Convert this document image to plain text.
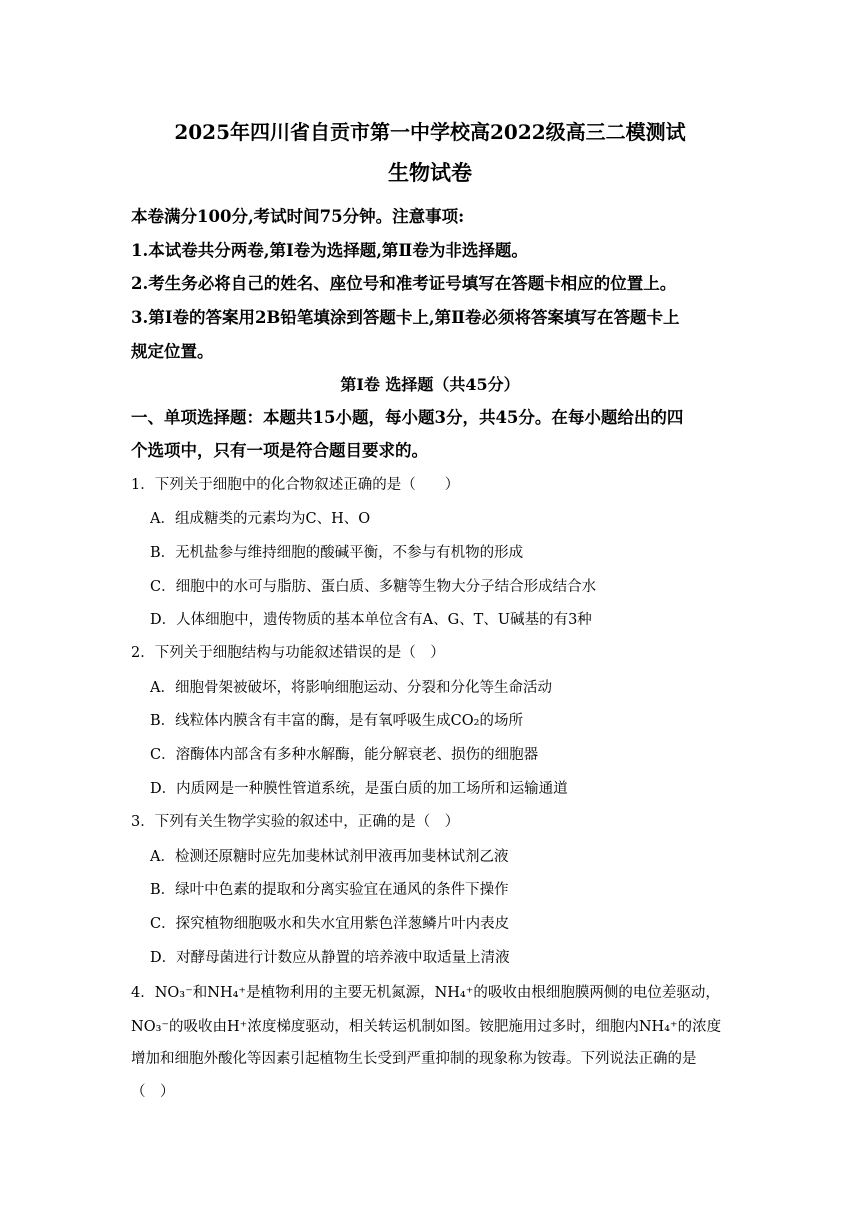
2025年四川省自贡市第一中学校高2022级高三二模测试
生物试卷
本卷满分100分,考试时间75分钟。注意事项:
1.本试卷共分两卷,第Ⅰ卷为选择题,第Ⅱ卷为非选择题。
2.考生务必将自己的姓名、座位号和准考证号填写在答题卡相应的位置上。
3.第Ⅰ卷的答案用2B铅笔填涂到答题卡上,第Ⅱ卷必须将答案填写在答题卡上
规定位置。
第Ⅰ卷 选择题（共45分）
一、单项选择题：本题共15小题，每小题3分，共45分。在每小题给出的四
个选项中，只有一项是符合题目要求的。
1．下列关于细胞中的化合物叙述正确的是（　　）
A．组成糖类的元素均为C、H、O
B．无机盐参与维持细胞的酸碱平衡，不参与有机物的形成
C．细胞中的水可与脂肪、蛋白质、多糖等生物大分子结合形成结合水
D．人体细胞中，遗传物质的基本单位含有A、G、T、U碱基的有3种
2．下列关于细胞结构与功能叙述错误的是（　）
A．细胞骨架被破坏，将影响细胞运动、分裂和分化等生命活动
B．线粒体内膜含有丰富的酶，是有氧呼吸生成CO₂的场所
C．溶酶体内部含有多种水解酶，能分解衰老、损伤的细胞器
D．内质网是一种膜性管道系统，是蛋白质的加工场所和运输通道
3．下列有关生物学实验的叙述中，正确的是（　）
A．检测还原糖时应先加斐林试剂甲液再加斐林试剂乙液
B．绿叶中色素的提取和分离实验宜在通风的条件下操作
C．探究植物细胞吸水和失水宜用紫色洋葱鳞片叶内表皮
D．对酵母菌进行计数应从静置的培养液中取适量上清液
4．NO₃⁻和NH₄⁺是植物利用的主要无机氮源，NH₄⁺的吸收由根细胞膜两侧的电位差驱动，
NO₃⁻的吸收由H⁺浓度梯度驱动，相关转运机制如图。铵肥施用过多时，细胞内NH₄⁺的浓度
增加和细胞外酸化等因素引起植物生长受到严重抑制的现象称为铵毒。下列说法正确的是
（　）
